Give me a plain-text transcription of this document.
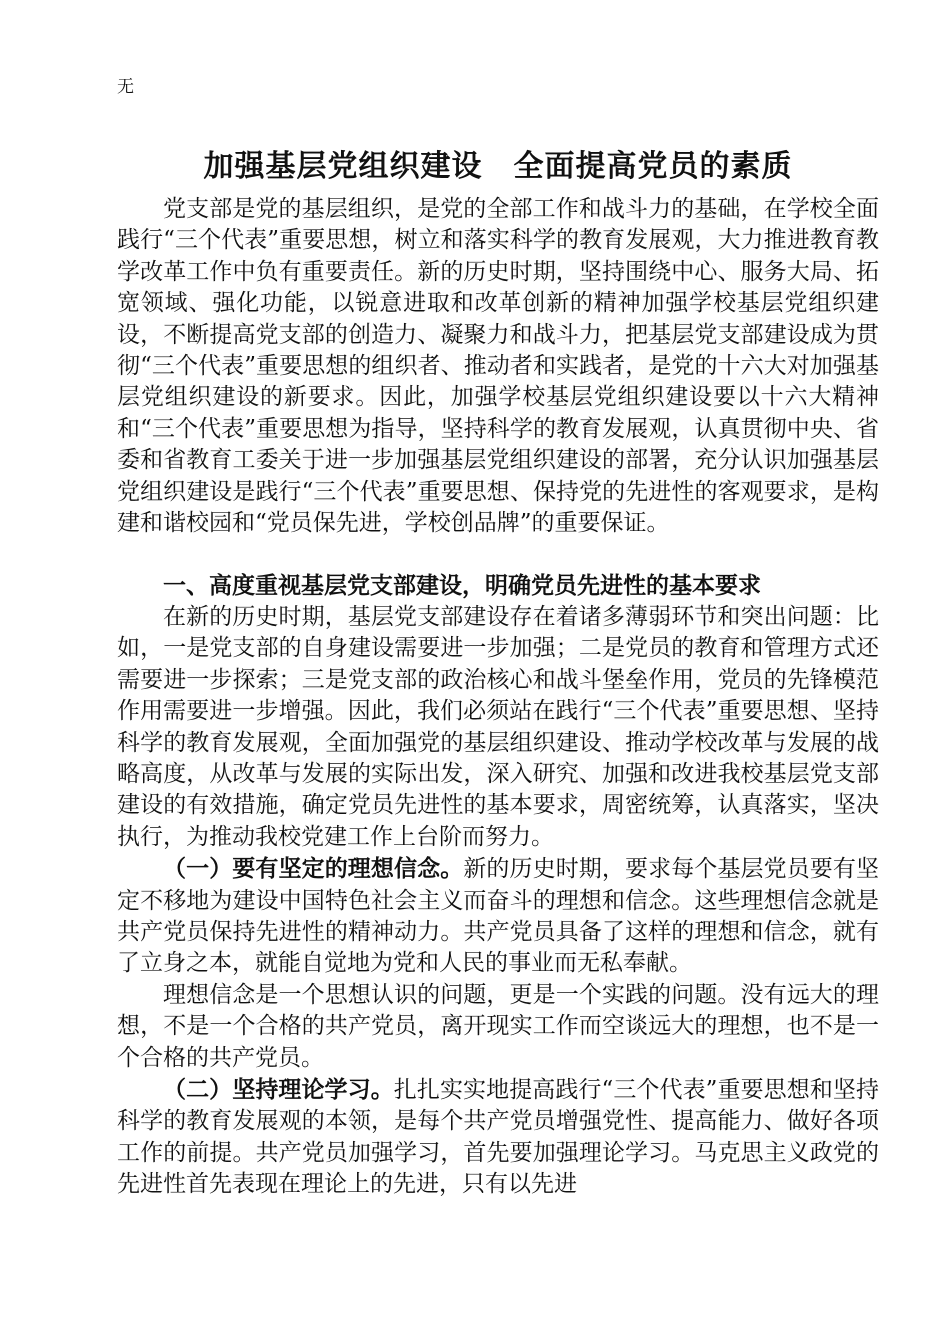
无
加强基层党组织建设　全面提高党员的素质

党支部是党的基层组织，是党的全部工作和战斗力的基础，在学校全面践行“三个代表”重要思想，树立和落实科学的教育发展观，大力推进教育教学改革工作中负有重要责任。新的历史时期，坚持围绕中心、服务大局、拓宽领域、强化功能，以锐意进取和改革创新的精神加强学校基层党组织建设，不断提高党支部的创造力、凝聚力和战斗力，把基层党支部建设成为贯彻“三个代表”重要思想的组织者、推动者和实践者，是党的十六大对加强基层党组织建设的新要求。因此，加强学校基层党组织建设要以十六大精神和“三个代表”重要思想为指导，坚持科学的教育发展观，认真贯彻中央、省委和省教育工委关于进一步加强基层党组织建设的部署，充分认识加强基层党组织建设是践行“三个代表”重要思想、保持党的先进性的客观要求，是构建和谐校园和“党员保先进，学校创品牌”的重要保证。

一、高度重视基层党支部建设，明确党员先进性的基本要求

在新的历史时期，基层党支部建设存在着诸多薄弱环节和突出问题：比如，一是党支部的自身建设需要进一步加强；二是党员的教育和管理方式还需要进一步探索；三是党支部的政治核心和战斗堡垒作用，党员的先锋模范作用需要进一步增强。因此，我们必须站在践行“三个代表”重要思想、坚持科学的教育发展观，全面加强党的基层组织建设、推动学校改革与发展的战略高度，从改革与发展的实际出发，深入研究、加强和改进我校基层党支部建设的有效措施，确定党员先进性的基本要求，周密统筹，认真落实，坚决执行，为推动我校党建工作上台阶而努力。

（一）要有坚定的理想信念。新的历史时期，要求每个基层党员要有坚定不移地为建设中国特色社会主义而奋斗的理想和信念。这些理想信念就是共产党员保持先进性的精神动力。共产党员具备了这样的理想和信念，就有了立身之本，就能自觉地为党和人民的事业而无私奉献。

理想信念是一个思想认识的问题，更是一个实践的问题。没有远大的理想，不是一个合格的共产党员，离开现实工作而空谈远大的理想，也不是一个合格的共产党员。

（二）坚持理论学习。扎扎实实地提高践行“三个代表”重要思想和坚持科学的教育发展观的本领，是每个共产党员增强党性、提高能力、做好各项工作的前提。共产党员加强学习，首先要加强理论学习。马克思主义政党的先进性首先表现在理论上的先进，只有以先进
